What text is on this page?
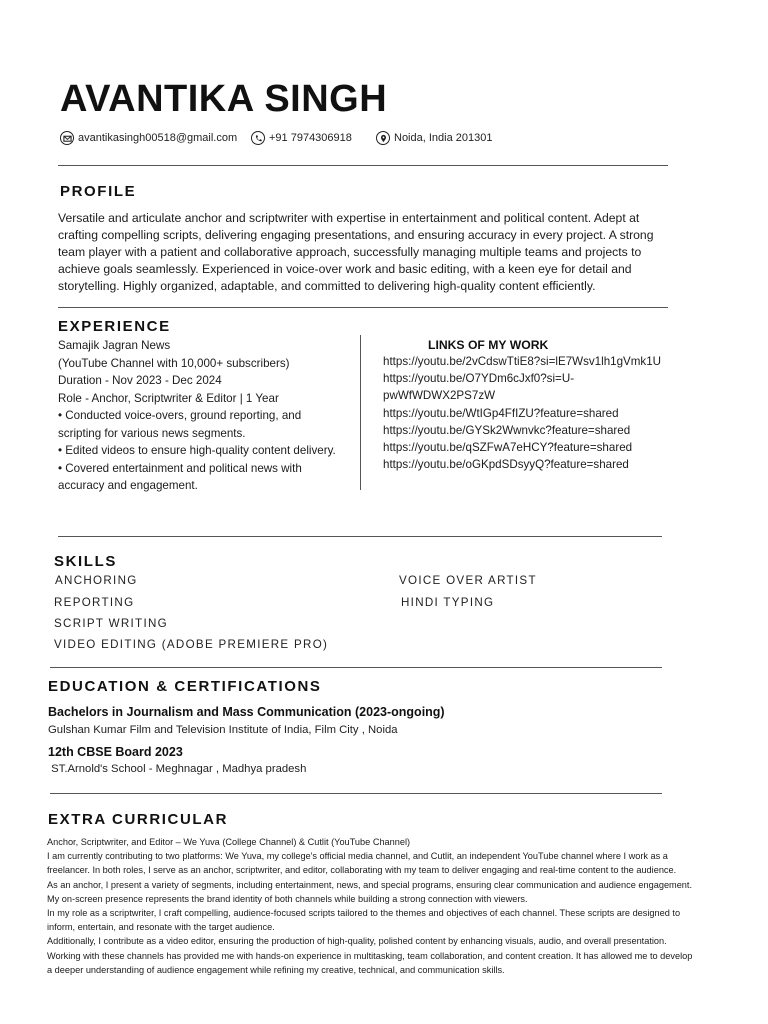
AVANTIKA SINGH
avantikasingh00518@gmail.com	+91 7974306918	Noida, India 201301
PROFILE
Versatile and articulate anchor and scriptwriter with expertise in entertainment and political content. Adept at
crafting compelling scripts, delivering engaging presentations, and ensuring accuracy in every project. A strong
team player with a patient and collaborative approach, successfully managing multiple teams and projects to
achieve goals seamlessly. Experienced in voice-over work and basic editing, with a keen eye for detail and
storytelling. Highly organized, adaptable, and committed to delivering high-quality content efficiently.
EXPERIENCE
Samajik Jagran News
(YouTube Channel with 10,000+ subscribers)
Duration - Nov 2023 - Dec 2024
Role - Anchor, Scriptwriter & Editor | 1 Year
• Conducted voice-overs, ground reporting, and
scripting for various news segments.
• Edited videos to ensure high-quality content delivery.
• Covered entertainment and political news with
accuracy and engagement.
LINKS OF MY WORK
https://youtu.be/2vCdswTtiE8?si=lE7Wsv1lh1gVmk1U
https://youtu.be/O7YDm6cJxf0?si=U-
pwWfWDWX2PS7zW
https://youtu.be/WtIGp4FfIZU?feature=shared
https://youtu.be/GYSk2Wwnvkc?feature=shared
https://youtu.be/qSZFwA7eHCY?feature=shared
https://youtu.be/oGKpdSDsyyQ?feature=shared
SKILLS
ANCHORING
REPORTING
SCRIPT WRITING
VIDEO EDITING (ADOBE PREMIERE PRO)
VOICE OVER ARTIST
HINDI TYPING
EDUCATION & CERTIFICATIONS
Bachelors in Journalism and Mass Communication (2023-ongoing)
Gulshan Kumar Film and Television Institute of India, Film City , Noida
12th CBSE Board 2023
ST.Arnold's School - Meghnagar , Madhya pradesh
EXTRA CURRICULAR
Anchor, Scriptwriter, and Editor – We Yuva (College Channel) & Cutlit (YouTube Channel)
I am currently contributing to two platforms: We Yuva, my college's official media channel, and Cutlit, an independent YouTube channel where I work as a
freelancer. In both roles, I serve as an anchor, scriptwriter, and editor, collaborating with my team to deliver engaging and real-time content to the audience.
As an anchor, I present a variety of segments, including entertainment, news, and special programs, ensuring clear communication and audience engagement.
My on-screen presence represents the brand identity of both channels while building a strong connection with viewers.
In my role as a scriptwriter, I craft compelling, audience-focused scripts tailored to the themes and objectives of each channel. These scripts are designed to
inform, entertain, and resonate with the target audience.
Additionally, I contribute as a video editor, ensuring the production of high-quality, polished content by enhancing visuals, audio, and overall presentation.
Working with these channels has provided me with hands-on experience in multitasking, team collaboration, and content creation. It has allowed me to develop
a deeper understanding of audience engagement while refining my creative, technical, and communication skills.
